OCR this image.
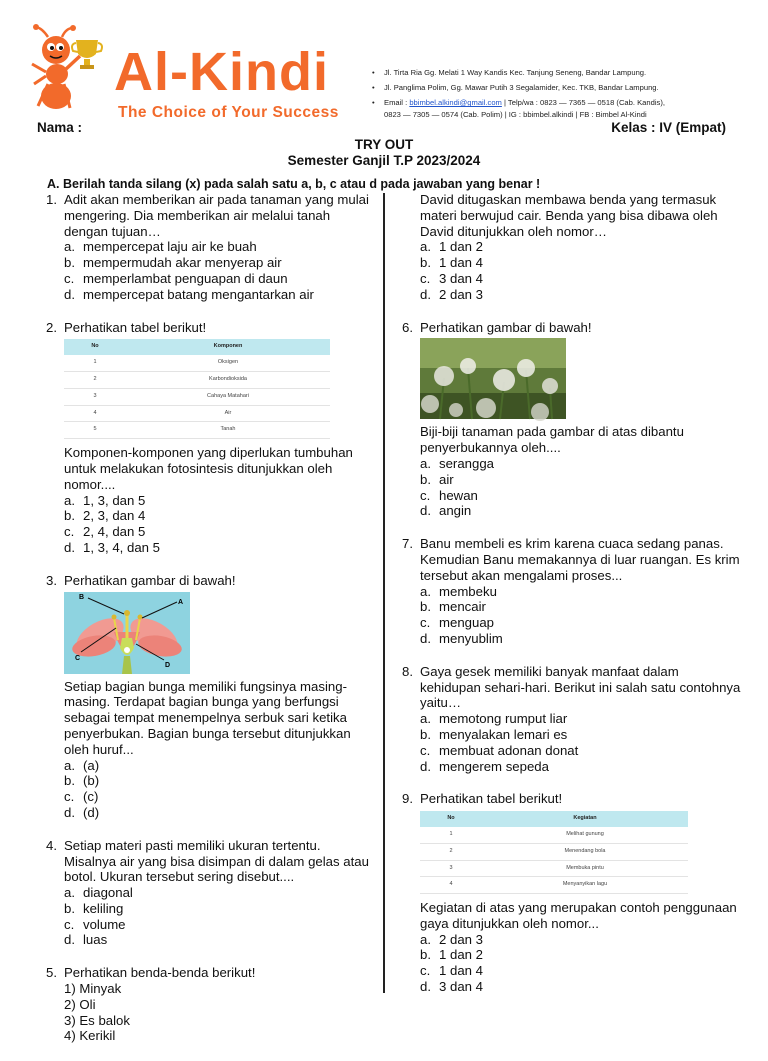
Al-Kindi
The Choice of Your Success
•	Jl. Tirta Ria Gg. Melati 1 Way Kandis Kec. Tanjung Seneng, Bandar Lampung.
•	Jl. Panglima Polim, Gg. Mawar Putih 3 Segalamider, Kec. TKB, Bandar Lampung.
•	Email : bbimbel.alkindi@gmail.com | Telp/wa : 0823 — 7365 — 0518 (Cab. Kandis),
0823 — 7305 — 0574 (Cab. Polim) | IG : bbimbel.alkindi | FB : Bimbel Al-Kindi
Nama :	Kelas : IV (Empat)
TRY OUT
Semester Ganjil T.P 2023/2024
A. Berilah tanda silang (x) pada salah satu a, b, c atau d pada jawaban yang benar !
1. Adit akan memberikan air pada tanaman yang mulai mengering. Dia memberikan air melalui tanah dengan tujuan…
a. mempercepat laju air ke buah
b. mempermudah akar menyerap air
c. memperlambat penguapan di daun
d. mempercepat batang mengantarkan air
2. Perhatikan tabel berikut!
No	Komponen
1	Oksigen
2	Karbondioksida
3	Cahaya Matahari
4	Air
5	Tanah
Komponen-komponen yang diperlukan tumbuhan untuk melakukan fotosintesis ditunjukkan oleh nomor....
a. 1, 3, dan 5
b. 2, 3, dan 4
c. 2, 4, dan 5
d. 1, 3, 4, dan 5
3. Perhatikan gambar di bawah!
B
A
C
D
Setiap bagian bunga memiliki fungsinya masing-masing. Terdapat bagian bunga yang berfungsi sebagai tempat menempelnya serbuk sari ketika penyerbukan. Bagian bunga tersebut ditunjukkan oleh huruf...
a. (a)
b. (b)
c. (c)
d. (d)
4. Setiap materi pasti memiliki ukuran tertentu. Misalnya air yang bisa disimpan di dalam gelas atau botol. Ukuran tersebut sering disebut....
a. diagonal
b. keliling
c. volume
d. luas
5. Perhatikan benda-benda berikut!
1) Minyak
2) Oli
3) Es balok
4) Kerikil
David ditugaskan membawa benda yang termasuk materi berwujud cair. Benda yang bisa dibawa oleh David ditunjukkan oleh nomor…
a. 1 dan 2
b. 1 dan 4
c. 3 dan 4
d. 2 dan 3
6. Perhatikan gambar di bawah!
Biji-biji tanaman pada gambar di atas dibantu penyerbukannya oleh....
a. serangga
b. air
c. hewan
d. angin
7. Banu membeli es krim karena cuaca sedang panas. Kemudian Banu memakannya di luar ruangan. Es krim tersebut akan mengalami proses...
a. membeku
b. mencair
c. menguap
d. menyublim
8. Gaya gesek memiliki banyak manfaat dalam kehidupan sehari-hari. Berikut ini salah satu contohnya yaitu…
a. memotong rumput liar
b. menyalakan lemari es
c. membuat adonan donat
d. mengerem sepeda
9. Perhatikan tabel berikut!
No	Kegiatan
1	Melihat gunung
2	Menendang bola
3	Membuka pintu
4	Menyanyikan lagu
Kegiatan di atas yang merupakan contoh penggunaan gaya ditunjukkan oleh nomor...
a. 2 dan 3
b. 1 dan 2
c. 1 dan 4
d. 3 dan 4
